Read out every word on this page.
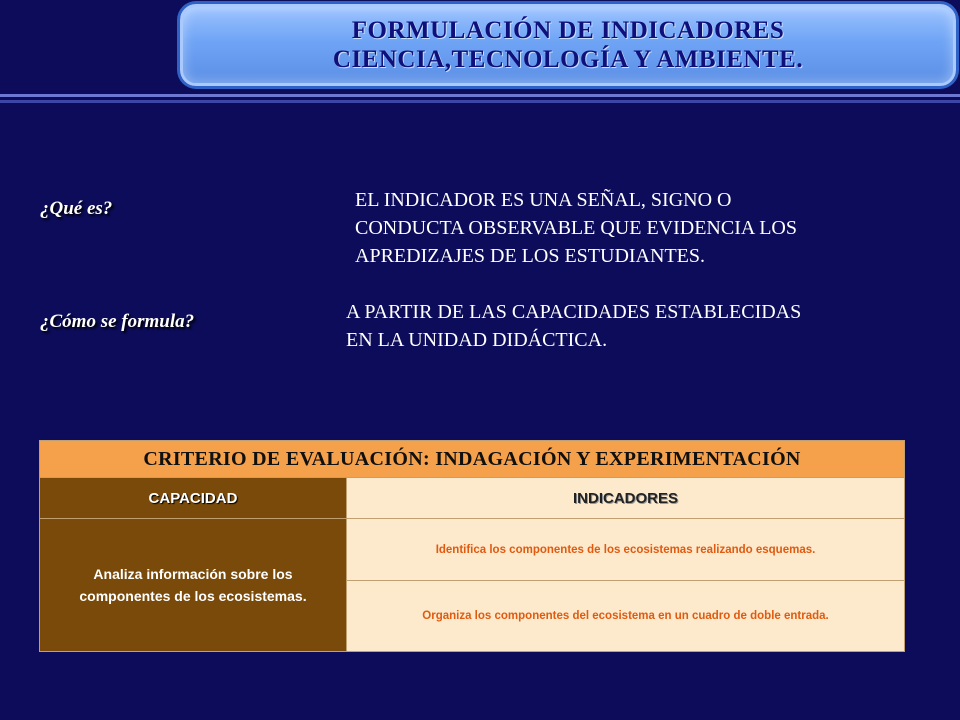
FORMULACIÓN DE INDICADORES
CIENCIA,TECNOLOGÍA Y AMBIENTE.
¿Qué es?	EL INDICADOR ES UNA SEÑAL, SIGNO O
CONDUCTA OBSERVABLE QUE EVIDENCIA LOS
APREDIZAJES DE LOS ESTUDIANTES.
¿Cómo se formula?	A PARTIR DE LAS CAPACIDADES ESTABLECIDAS
EN LA UNIDAD DIDÁCTICA.
CRITERIO DE EVALUACIÓN: INDAGACIÓN Y EXPERIMENTACIÓN	
CAPACIDAD	INDICADORES
Analiza información sobre los componentes de los ecosistemas.	Identifica los componentes de los ecosistemas realizando esquemas.
	Organiza los componentes del ecosistema en un cuadro de doble entrada.
